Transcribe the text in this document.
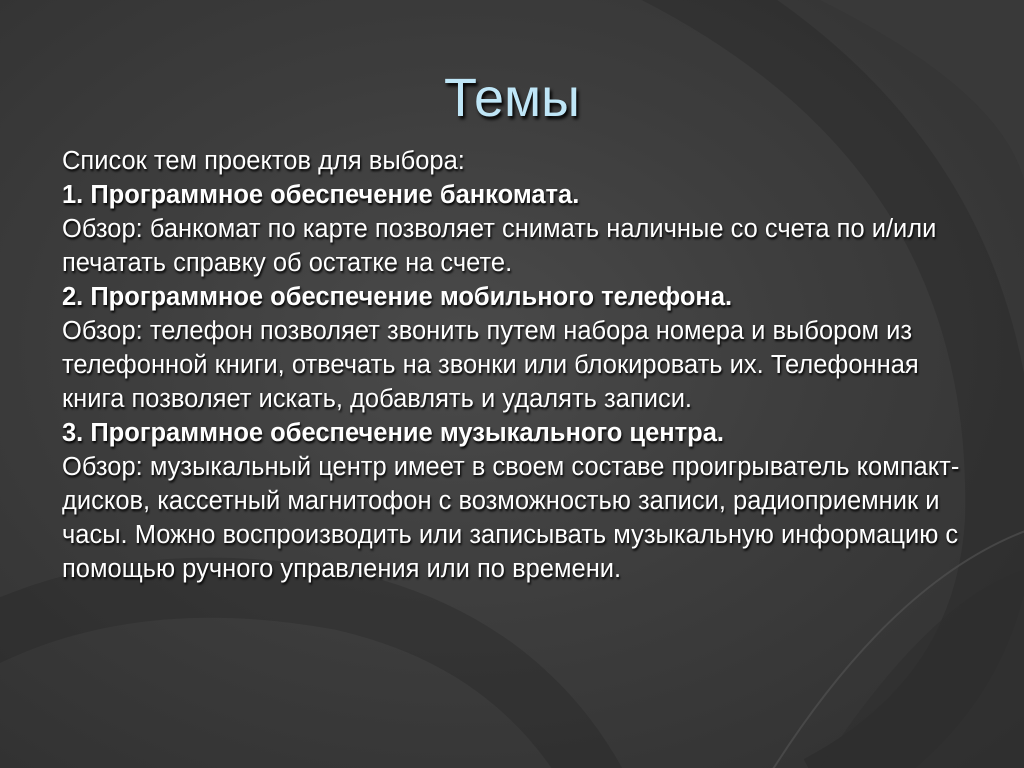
Темы

Список тем проектов для выбора:

1. Программное обеспечение банкомата.

Обзор: банкомат по карте позволяет снимать наличные со счета по и/или печатать справку об остатке на счете.

2. Программное обеспечение мобильного телефона.

Обзор: телефон позволяет звонить путем набора номера и выбором из телефонной книги, отвечать на звонки или блокировать их. Телефонная книга позволяет искать, добавлять и удалять записи.

3. Программное обеспечение музыкального центра.

Обзор: музыкальный центр имеет в своем составе проигрыватель компакт-дисков, кассетный магнитофон с возможностью записи, радиоприемник и часы. Можно воспроизводить или записывать музыкальную информацию с помощью ручного управления или по времени.
